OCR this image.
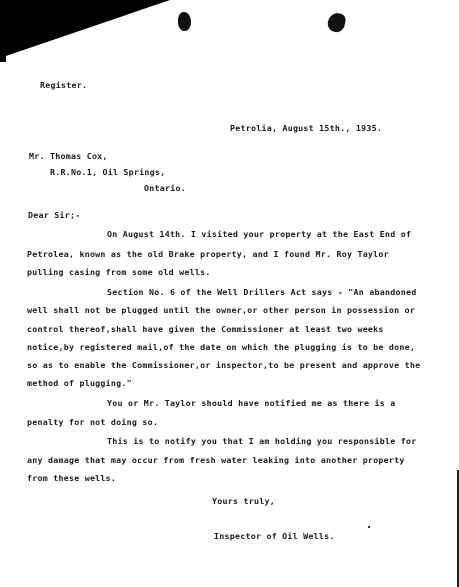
Register.
Petrolia, August 15th., 1935.
Mr. Thomas Cox,
R.R.No.1, Oil Springs,
Ontario.
Dear Sir;-
On August 14th. I visited your property at the East End of
Petrolea, known as the old Brake property, and I found Mr. Roy Taylor
pulling casing from some old wells.
Section No. 6 of the Well Drillers Act says - "An abandoned
well shall not be plugged until the owner,or other person in possession or
control thereof,shall have given the Commissioner at least two weeks
notice,by registered mail,of the date on which the plugging is to be done,
so as to enable the Commissioner,or inspector,to be present and approve the
method of plugging."
You or Mr. Taylor should have notified me as there is a
penalty for not doing so.
This is to notify you that I am holding you responsible for
any damage that may occur from fresh water leaking into another property
from these wells.
Yours truly,
Inspector of Oil Wells.
